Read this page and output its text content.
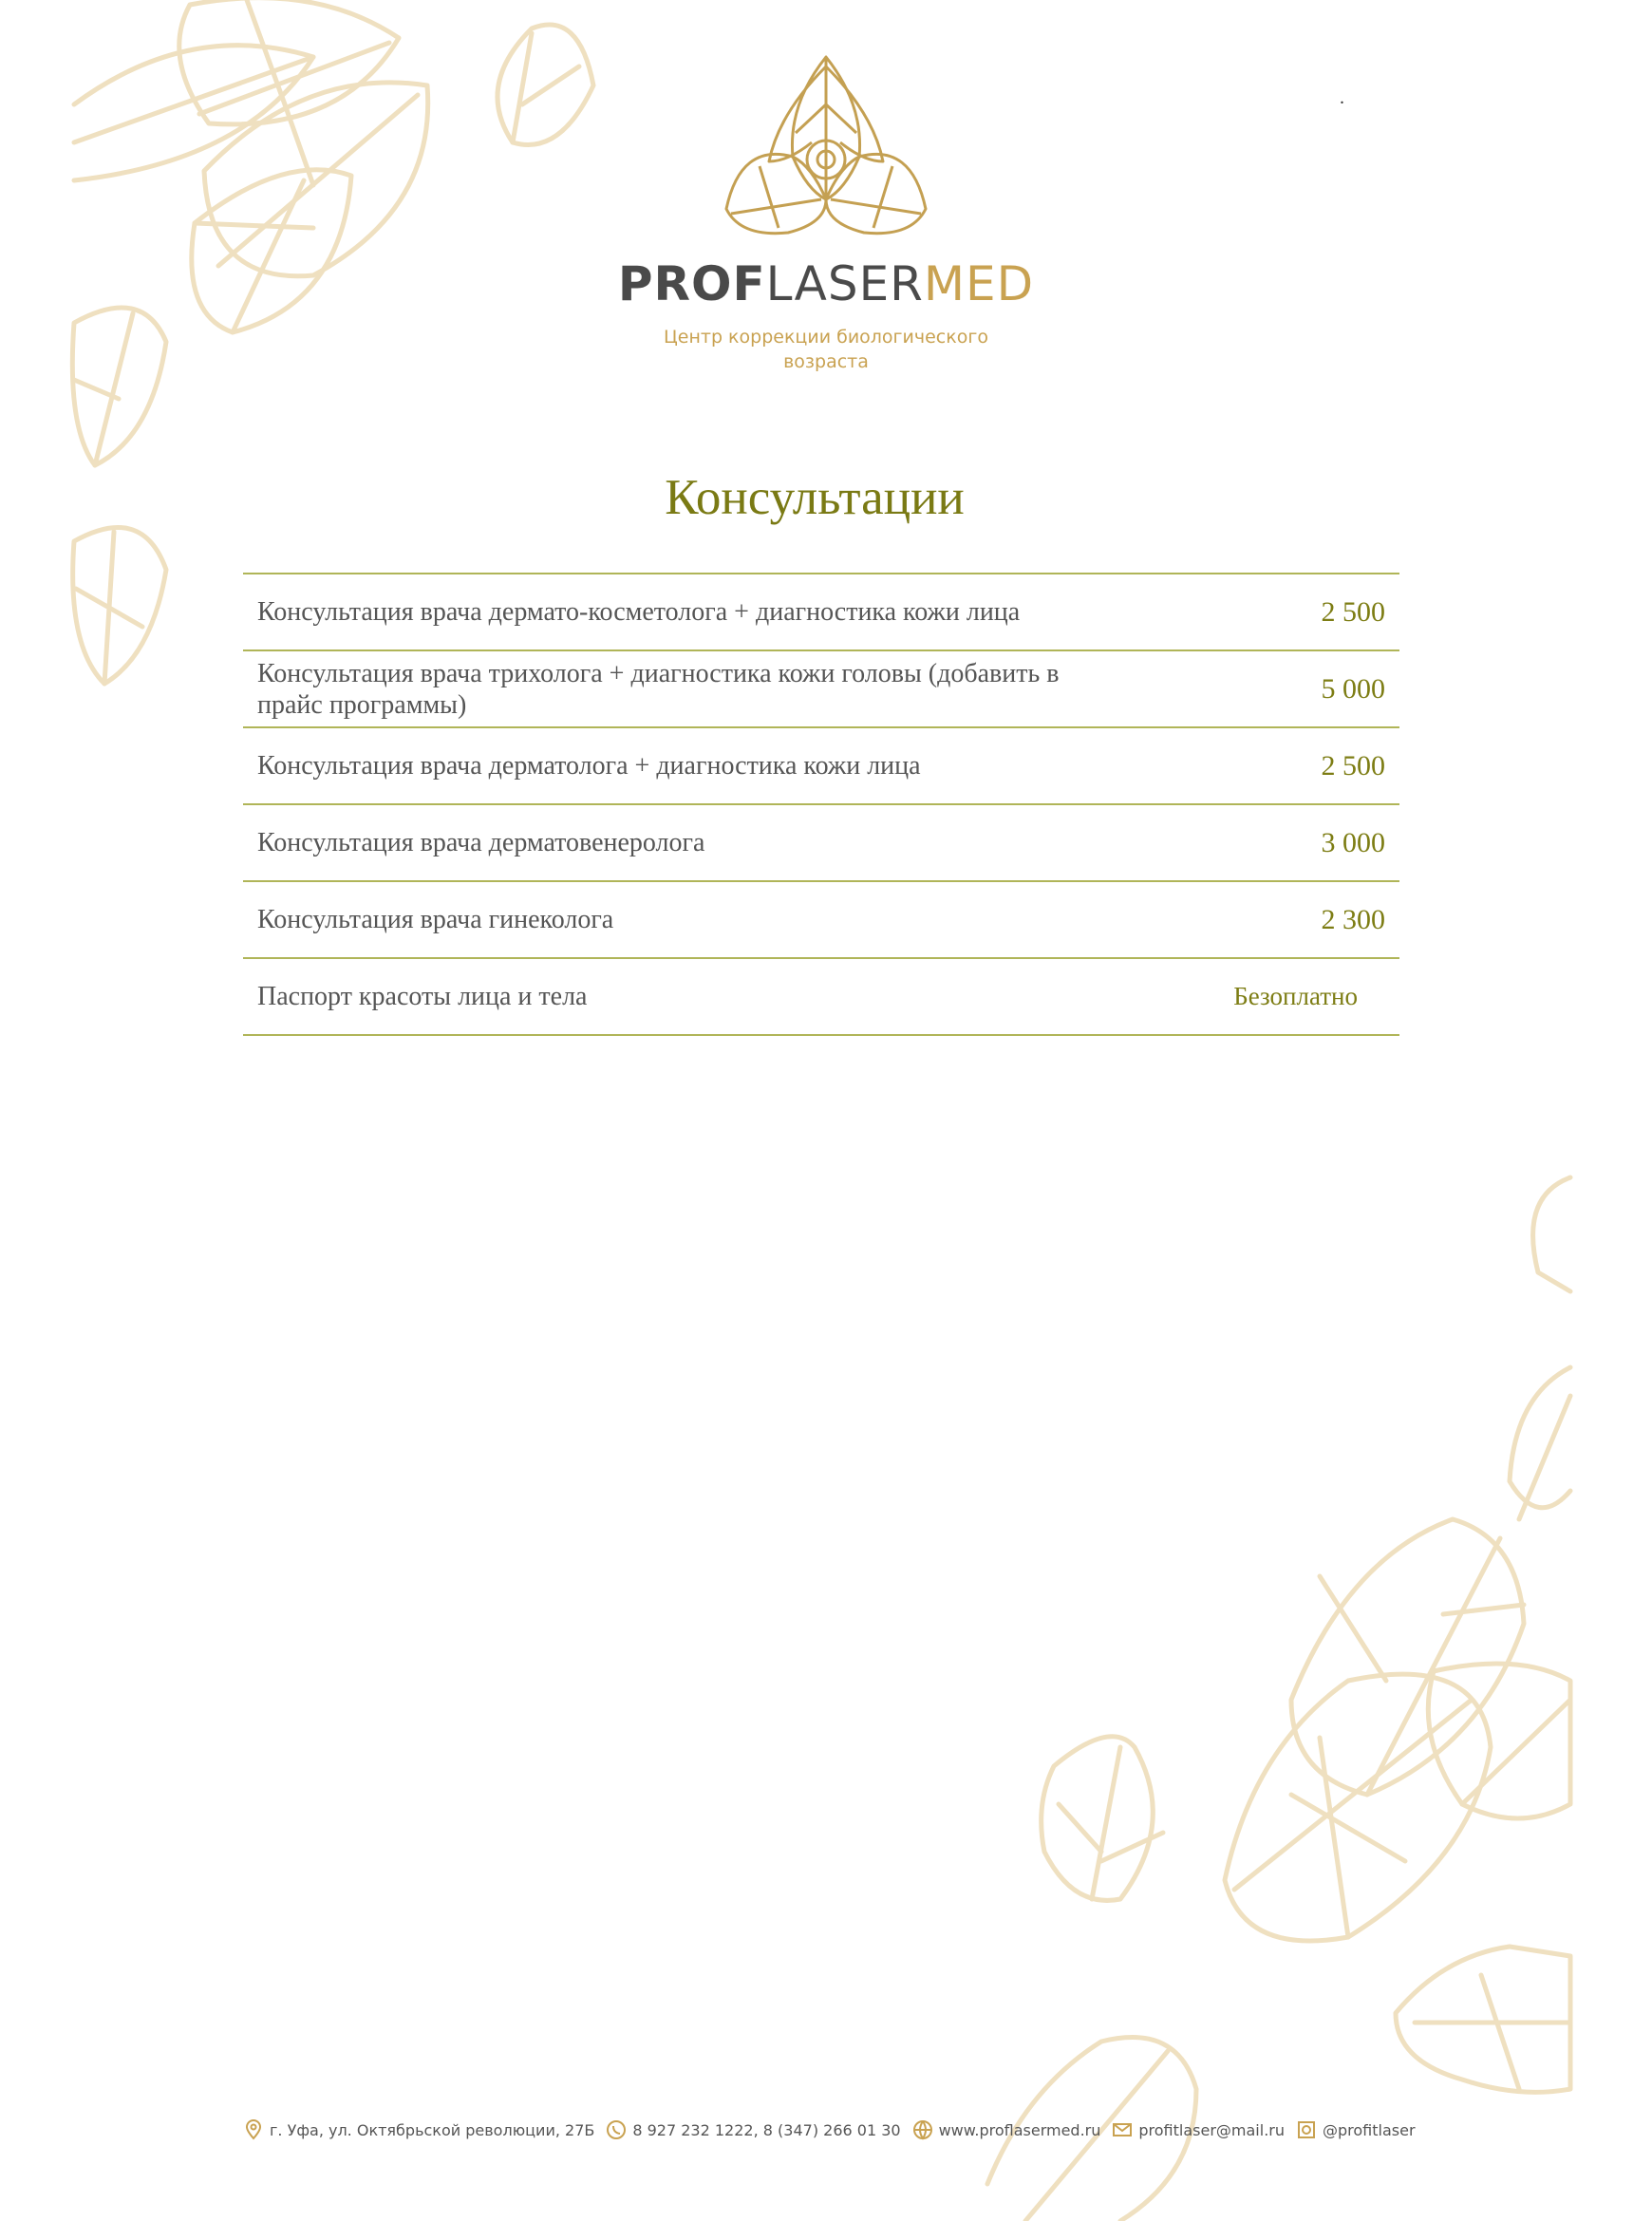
.
PROFLASERMED
Центр коррекции биологического возраста
Консультации
Консультация врача дермато-косметолога + диагностика кожи лица	2 500
Консультация врача трихолога + диагностика кожи головы (добавить в прайс программы)	5 000
Консультация врача дерматолога + диагностика кожи лица	2 500
Консультация врача дерматовенеролога	3 000
Консультация врача гинеколога	2 300
Паспорт красоты лица и тела	Безоплатно
г. Уфа, ул. Октябрьской революции, 27Б	8 927 232 1222, 8 (347) 266 01 30	www.proflasermed.ru	profitlaser@mail.ru	@profitlaser
